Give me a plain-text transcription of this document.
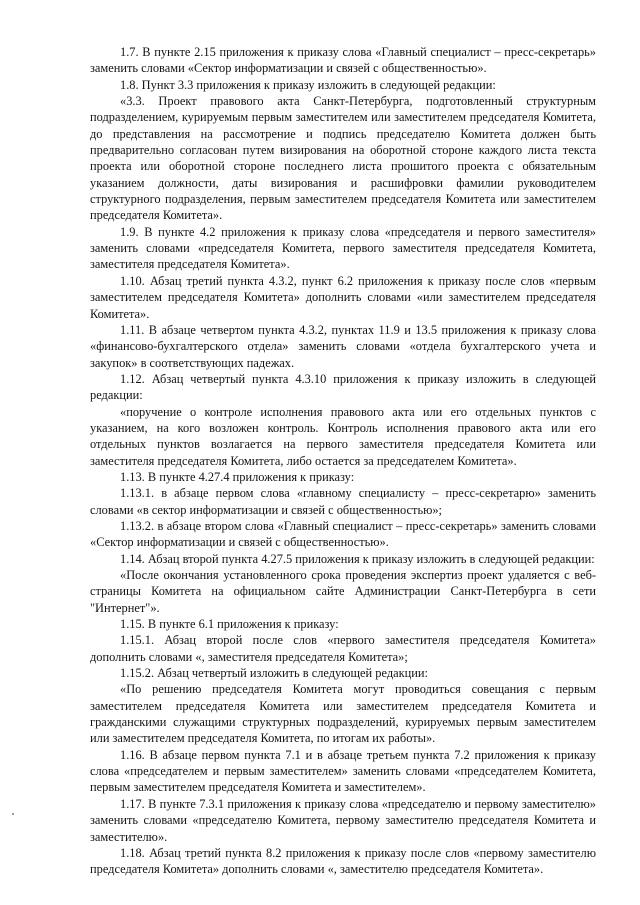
1.7. В пункте 2.15 приложения к приказу слова «Главный специалист – пресс-секретарь» заменить словами «Сектор информатизации и связей с общественностью».

1.8. Пункт 3.3 приложения к приказу изложить в следующей редакции:

«3.3. Проект правового акта Санкт-Петербурга, подготовленный структурным подразделением, курируемым первым заместителем или заместителем председателя Комитета, до представления на рассмотрение и подпись председателю Комитета должен быть предварительно согласован путем визирования на оборотной стороне каждого листа текста проекта или оборотной стороне последнего листа прошитого проекта с обязательным указанием должности, даты визирования и расшифровки фамилии руководителем структурного подразделения, первым заместителем председателя Комитета или заместителем председателя Комитета».

1.9. В пункте 4.2 приложения к приказу слова «председателя и первого заместителя» заменить словами «председателя Комитета, первого заместителя председателя Комитета, заместителя председателя Комитета».

1.10. Абзац третий пункта 4.3.2, пункт 6.2 приложения к приказу после слов «первым заместителем председателя Комитета» дополнить словами «или заместителем председателя Комитета».

1.11. В абзаце четвертом пункта 4.3.2, пунктах 11.9 и 13.5 приложения к приказу слова «финансово-бухгалтерского отдела» заменить словами «отдела бухгалтерского учета и закупок» в соответствующих падежах.

1.12. Абзац четвертый пункта 4.3.10 приложения к приказу изложить в следующей редакции:

«поручение о контроле исполнения правового акта или его отдельных пунктов с указанием, на кого возложен контроль. Контроль исполнения правового акта или его отдельных пунктов возлагается на первого заместителя председателя Комитета или заместителя председателя Комитета, либо остается за председателем Комитета».

1.13. В пункте 4.27.4 приложения к приказу:

1.13.1. в абзаце первом слова «главному специалисту – пресс-секретарю» заменить словами «в сектор информатизации и связей с общественностью»;

1.13.2. в абзаце втором слова «Главный специалист – пресс-секретарь» заменить словами «Сектор информатизации и связей с общественностью».

1.14. Абзац второй пункта 4.27.5 приложения к приказу изложить в следующей редакции:

«После окончания установленного срока проведения экспертиз проект удаляется с веб-страницы Комитета на официальном сайте Администрации Санкт-Петербурга в сети "Интернет"».

1.15. В пункте 6.1 приложения к приказу:

1.15.1. Абзац второй после слов «первого заместителя председателя Комитета» дополнить словами «, заместителя председателя Комитета»;

1.15.2. Абзац четвертый изложить в следующей редакции:

«По решению председателя Комитета могут проводиться совещания с первым заместителем председателя Комитета или заместителем председателя Комитета и гражданскими служащими структурных подразделений, курируемых первым заместителем или заместителем председателя Комитета, по итогам их работы».

1.16. В абзаце первом пункта 7.1 и в абзаце третьем пункта 7.2 приложения к приказу слова «председателем и первым заместителем» заменить словами «председателем Комитета, первым заместителем председателя Комитета и заместителем».

1.17. В пункте 7.3.1 приложения к приказу слова «председателю и первому заместителю» заменить словами «председателю Комитета, первому заместителю председателя Комитета и заместителю».

1.18. Абзац третий пункта 8.2 приложения к приказу после слов «первому заместителю председателя Комитета» дополнить словами «, заместителю председателя Комитета».
